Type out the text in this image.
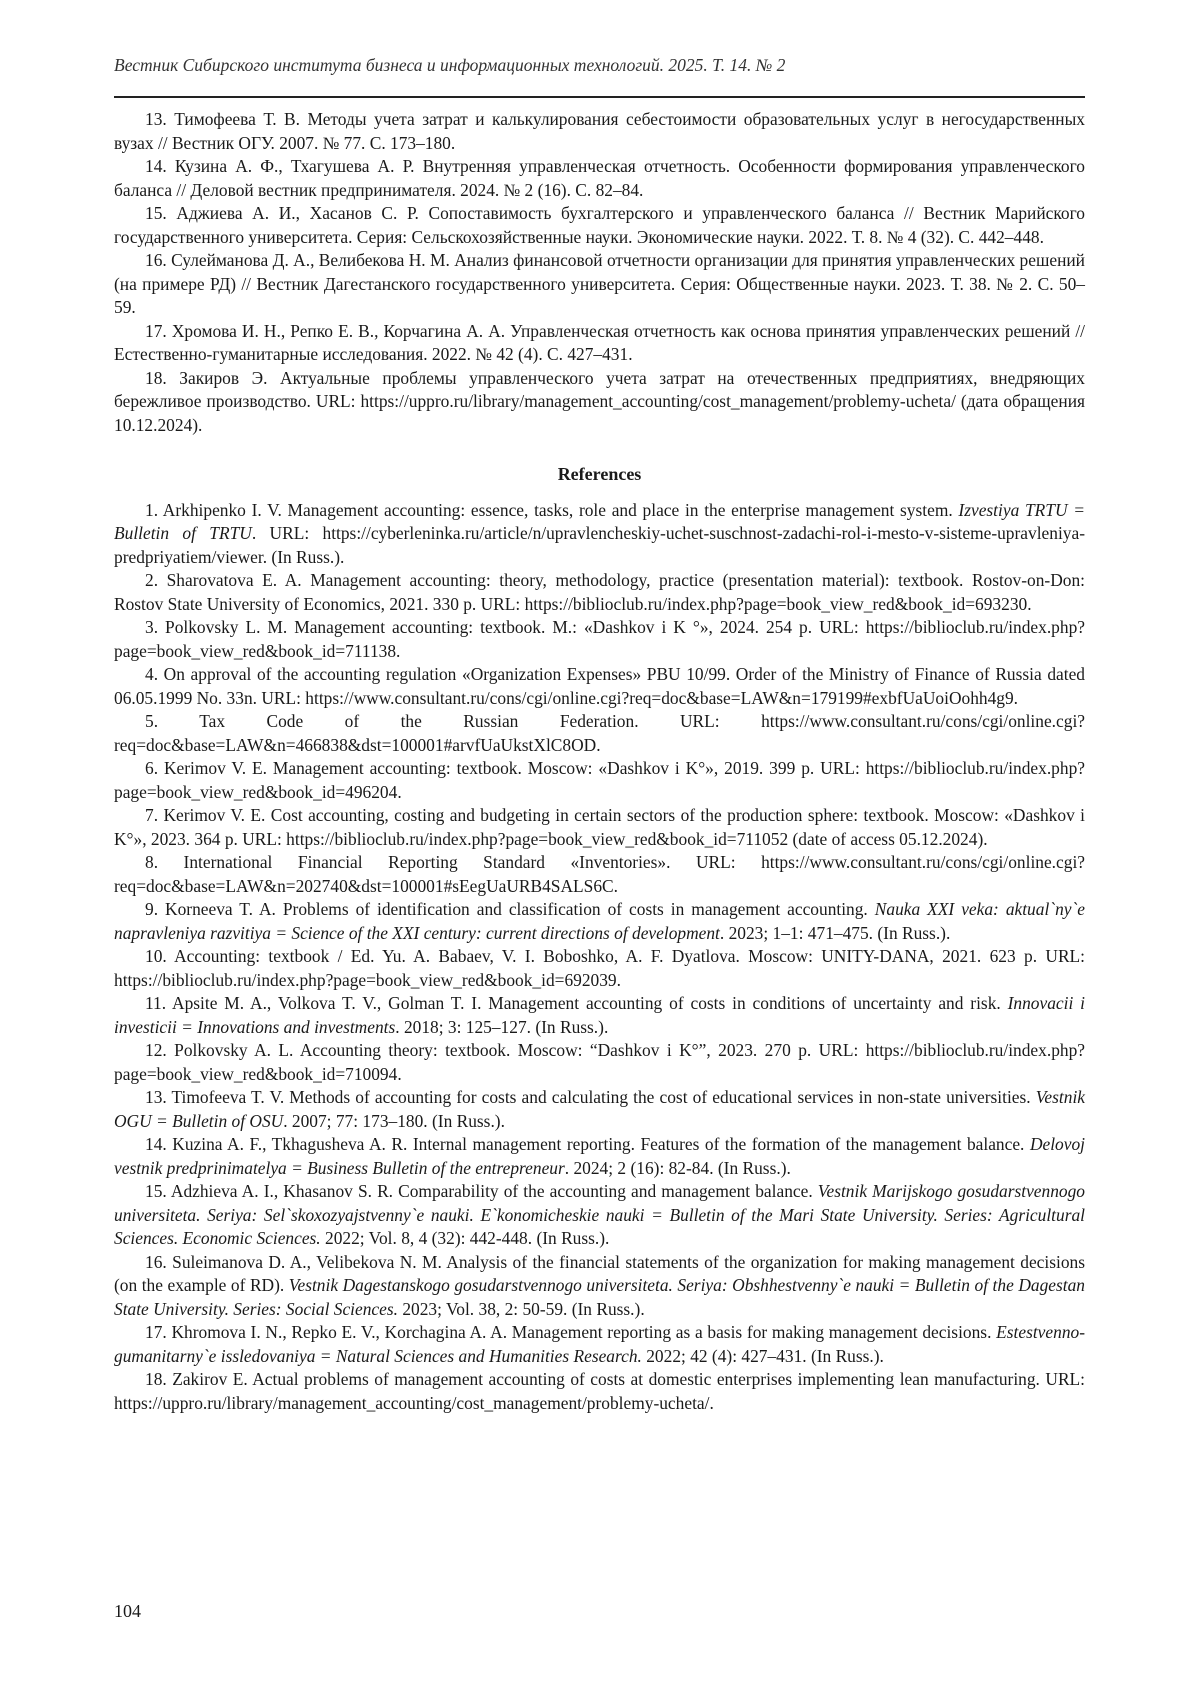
Вестник Сибирского института бизнеса и информационных технологий. 2025. Т. 14. № 2

13. Тимофеева Т. В. Методы учета затрат и калькулирования себестоимости образовательных услуг в негосударственных вузах // Вестник ОГУ. 2007. № 77. С. 173–180.

14. Кузина А. Ф., Тхагушева А. Р. Внутренняя управленческая отчетность. Особенности формирования управленческого баланса // Деловой вестник предпринимателя. 2024. № 2 (16). С. 82–84.

15. Аджиева А. И., Хасанов С. Р. Сопоставимость бухгалтерского и управленческого баланса // Вестник Марийского государственного университета. Серия: Сельскохозяйственные науки. Экономические науки. 2022. Т. 8. № 4 (32). С. 442–448.

16. Сулейманова Д. А., Велибекова Н. М. Анализ финансовой отчетности организации для принятия управленческих решений (на примере РД) // Вестник Дагестанского государственного университета. Серия: Общественные науки. 2023. Т. 38. № 2. С. 50–59.

17. Хромова И. Н., Репко Е. В., Корчагина А. А. Управленческая отчетность как основа принятия управленческих решений // Естественно-гуманитарные исследования. 2022. № 42 (4). С. 427–431.

18. Закиров Э. Актуальные проблемы управленческого учета затрат на отечественных предприятиях, внедряющих бережливое производство. URL: https://uppro.ru/library/management_accounting/cost_management/problemy-ucheta/ (дата обращения 10.12.2024).

References

1. Arkhipenko I. V. Management accounting: essence, tasks, role and place in the enterprise management system. Izvestiya TRTU = Bulletin of TRTU. URL: https://cyberleninka.ru/article/n/upravlencheskiy-uchet-suschnost-zadachi-rol-i-mesto-v-sisteme-upravleniya-predpriyatiem/viewer. (In Russ.).

2. Sharovatova E. A. Management accounting: theory, methodology, practice (presentation material): textbook. Rostov-on-Don: Rostov State University of Economics, 2021. 330 p. URL: https://biblioclub.ru/index.php?page=book_view_red&book_id=693230.

3. Polkovsky L. M. Management accounting: textbook. M.: «Dashkov i K °», 2024. 254 p. URL: https://biblioclub.ru/index.php?page=book_view_red&book_id=711138.

4. On approval of the accounting regulation «Organization Expenses» PBU 10/99. Order of the Ministry of Finance of Russia dated 06.05.1999 No. 33n. URL: https://www.consultant.ru/cons/cgi/online.cgi?req=doc&base=LAW&n=179199#exbfUaUoiOohh4g9.

5. Tax Code of the Russian Federation. URL: https://www.consultant.ru/cons/cgi/online.cgi?req=doc&base=LAW&n=466838&dst=100001#arvfUaUkstXlC8OD.

6. Kerimov V. E. Management accounting: textbook. Moscow: «Dashkov i K°», 2019. 399 p. URL: https://biblioclub.ru/index.php?page=book_view_red&book_id=496204.

7. Kerimov V. E. Cost accounting, costing and budgeting in certain sectors of the production sphere: textbook. Moscow: «Dashkov i K°», 2023. 364 p. URL: https://biblioclub.ru/index.php?page=book_view_red&book_id=711052 (date of access 05.12.2024).

8. International Financial Reporting Standard «Inventories». URL: https://www.consultant.ru/cons/cgi/online.cgi?req=doc&base=LAW&n=202740&dst=100001#sEegUaURB4SALS6C.

9. Korneeva T. A. Problems of identification and classification of costs in management accounting. Nauka XXI veka: aktual`ny`e napravleniya razvitiya = Science of the XXI century: current directions of development. 2023; 1–1: 471–475. (In Russ.).

10. Accounting: textbook / Ed. Yu. A. Babaev, V. I. Boboshko, A. F. Dyatlova. Moscow: UNITY-DANA, 2021. 623 p. URL: https://biblioclub.ru/index.php?page=book_view_red&book_id=692039.

11. Apsite M. A., Volkova T. V., Golman T. I. Management accounting of costs in conditions of uncertainty and risk. Innovacii i investicii = Innovations and investments. 2018; 3: 125–127. (In Russ.).

12. Polkovsky A. L. Accounting theory: textbook. Moscow: “Dashkov i K°”, 2023. 270 p. URL: https://biblioclub.ru/index.php?page=book_view_red&book_id=710094.

13. Timofeeva T. V. Methods of accounting for costs and calculating the cost of educational services in non-state universities. Vestnik OGU = Bulletin of OSU. 2007; 77: 173–180. (In Russ.).

14. Kuzina A. F., Tkhagusheva A. R. Internal management reporting. Features of the formation of the management balance. Delovoj vestnik predprinimatelya = Business Bulletin of the entrepreneur. 2024; 2 (16): 82-84. (In Russ.).

15. Adzhieva A. I., Khasanov S. R. Comparability of the accounting and management balance. Vestnik Marijskogo gosudarstvennogo universiteta. Seriya: Sel`skoxozyajstvenny`e nauki. E`konomicheskie nauki = Bulletin of the Mari State University. Series: Agricultural Sciences. Economic Sciences. 2022; Vol. 8, 4 (32): 442-448. (In Russ.).

16. Suleimanova D. A., Velibekova N. M. Analysis of the financial statements of the organization for making management decisions (on the example of RD). Vestnik Dagestanskogo gosudarstvennogo universiteta. Seriya: Obshhestvenny`e nauki = Bulletin of the Dagestan State University. Series: Social Sciences. 2023; Vol. 38, 2: 50-59. (In Russ.).

17. Khromova I. N., Repko E. V., Korchagina A. A. Management reporting as a basis for making management decisions. Estestvenno-gumanitarny`e issledovaniya = Natural Sciences and Humanities Research. 2022; 42 (4): 427–431. (In Russ.).

18. Zakirov E. Actual problems of management accounting of costs at domestic enterprises implementing lean manufacturing. URL: https://uppro.ru/library/management_accounting/cost_management/problemy-ucheta/.

104
